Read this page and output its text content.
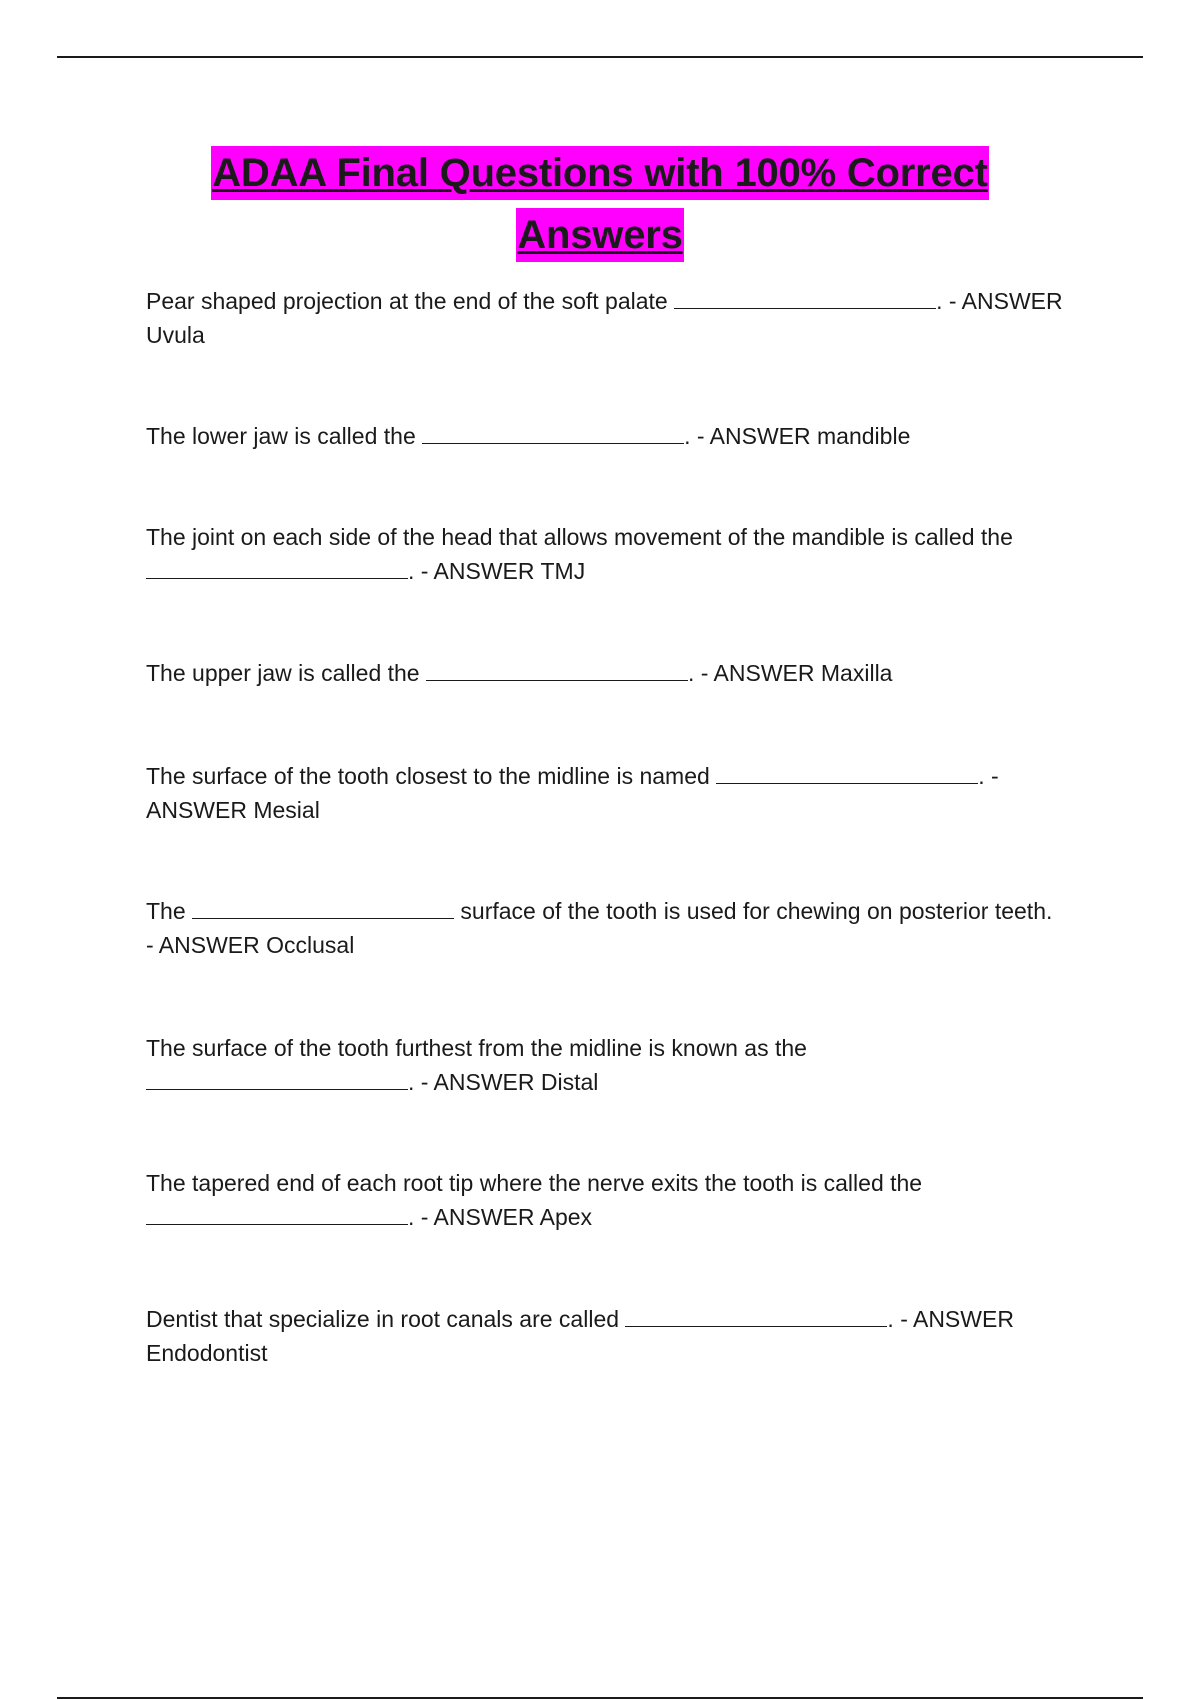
ADAA Final Questions with 100% Correct
Answers

Pear shaped projection at the end of the soft palate	. - ANSWER

Uvula

The lower jaw is called the	. - ANSWER mandible

The joint on each side of the head that allows movement of the mandible is called the

. - ANSWER TMJ

The upper jaw is called the	. - ANSWER Maxilla

The surface of the tooth closest to the midline is named	. -

ANSWER Mesial

The	surface of the tooth is used for chewing on posterior teeth.

- ANSWER Occlusal

The surface of the tooth furthest from the midline is known as the

. - ANSWER Distal

The tapered end of each root tip where the nerve exits the tooth is called the

. - ANSWER Apex

Dentist that specialize in root canals are called	. - ANSWER

Endodontist
